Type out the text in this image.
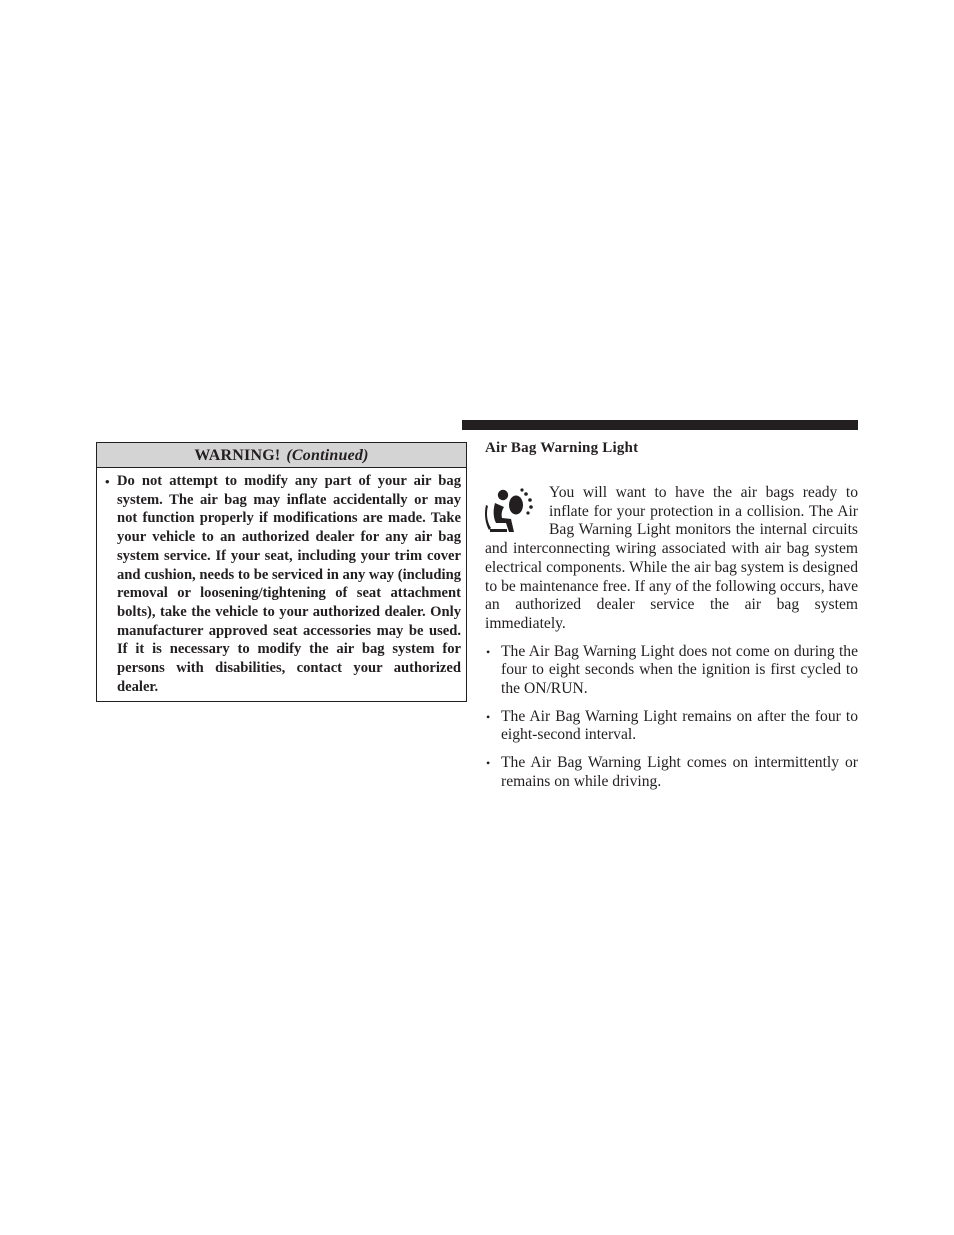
WARNING! (Continued)
• Do not attempt to modify any part of your air bag system. The air bag may inflate accidentally or may not function properly if modifications are made. Take your vehicle to an authorized dealer for any air bag system service. If your seat, including your trim cover and cushion, needs to be serviced in any way (including removal or loosening/tightening of seat attachment bolts), take the vehicle to your authorized dealer. Only manufacturer approved seat accessories may be used. If it is necessary to modify the air bag system for persons with disabilities, contact your authorized dealer.

Air Bag Warning Light

You will want to have the air bags ready to inflate for your protection in a collision. The Air Bag Warning Light monitors the internal circuits and interconnecting wiring associated with air bag system electrical components. While the air bag system is designed to be maintenance free. If any of the following occurs, have an authorized dealer service the air bag system immediately.

• The Air Bag Warning Light does not come on during the four to eight seconds when the ignition is first cycled to the ON/RUN.
• The Air Bag Warning Light remains on after the four to eight-second interval.
• The Air Bag Warning Light comes on intermittently or remains on while driving.
